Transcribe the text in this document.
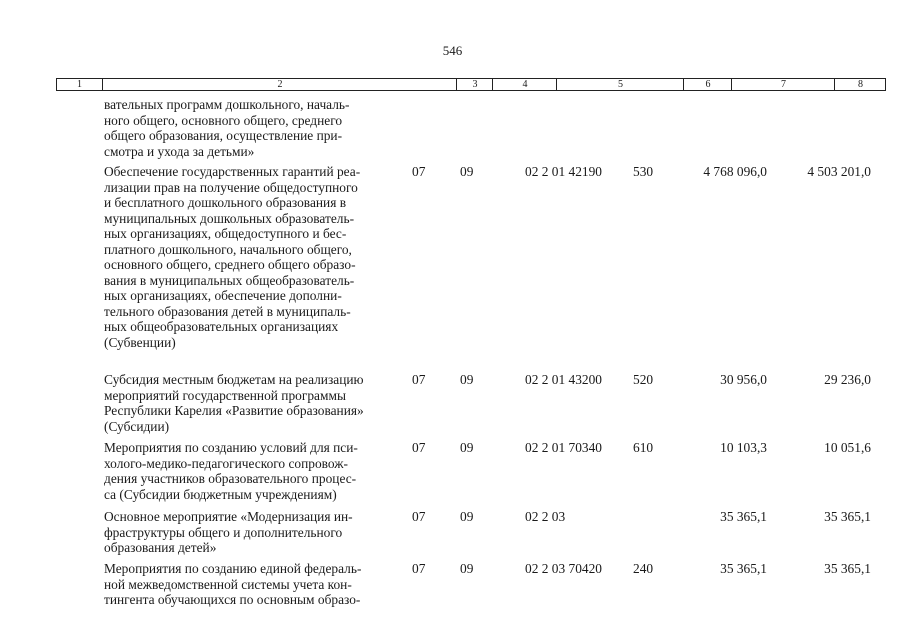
546
1	2	3	4	5	6	7	8
вательных программ дошкольного, началь-
ного общего, основного общего, среднего
общего образования, осуществление при-
смотра и ухода за детьми»
Обеспечение государственных гарантий реа-
лизации прав на получение общедоступного
и бесплатного дошкольного образования в
муниципальных дошкольных образователь-
ных организациях, общедоступного и бес-
платного дошкольного, начального общего,
основного общего, среднего общего образо-
вания в муниципальных общеобразователь-
ных организациях, обеспечение дополни-
тельного образования детей в муниципаль-
ных общеобразовательных организациях
(Субвенции)
07	09	02 2 01 42190 530	4 768 096,0	4 503 201,0
Субсидия местным бюджетам на реализацию
мероприятий государственной программы
Республики Карелия «Развитие образования»
(Субсидии)
07	09	02 2 01 43200 520	30 956,0	29 236,0
Мероприятия по созданию условий для пси-
холого-медико-педагогического сопровож-
дения участников образовательного процес-
са (Субсидии бюджетным учреждениям)
07	09	02 2 01 70340 610	10 103,3	10 051,6
Основное мероприятие «Модернизация ин-
фраструктуры общего и дополнительного
образования детей»
07	09	02 2 03	35 365,1	35 365,1
Мероприятия по созданию единой федераль-
ной межведомственной системы учета кон-
тингента обучающихся по основным образо-
07	09	02 2 03 70420 240	35 365,1	35 365,1
